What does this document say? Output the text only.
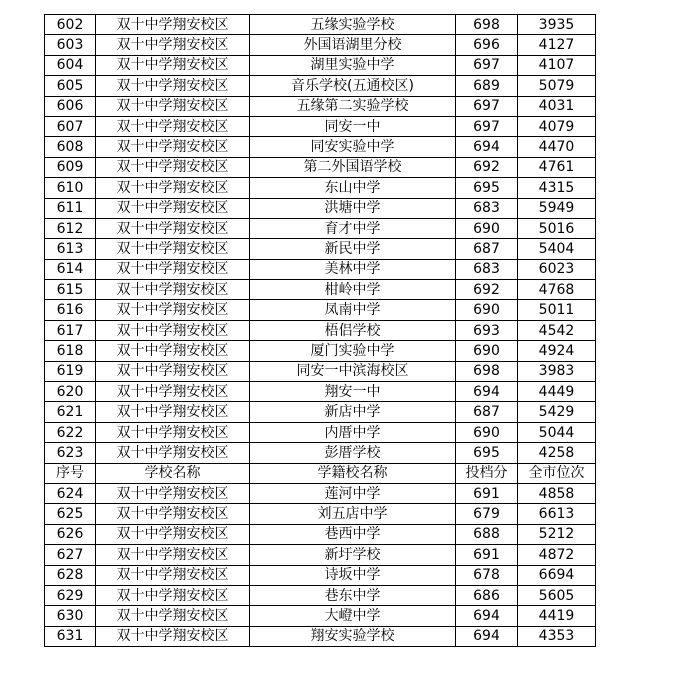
602	双十中学翔安校区	五缘实验学校	698	3935
603	双十中学翔安校区	外国语湖里分校	696	4127
604	双十中学翔安校区	湖里实验中学	697	4107
605	双十中学翔安校区	音乐学校(五通校区)	689	5079
606	双十中学翔安校区	五缘第二实验学校	697	4031
607	双十中学翔安校区	同安一中	697	4079
608	双十中学翔安校区	同安实验中学	694	4470
609	双十中学翔安校区	第二外国语学校	692	4761
610	双十中学翔安校区	东山中学	695	4315
611	双十中学翔安校区	洪塘中学	683	5949
612	双十中学翔安校区	育才中学	690	5016
613	双十中学翔安校区	新民中学	687	5404
614	双十中学翔安校区	美林中学	683	6023
615	双十中学翔安校区	柑岭中学	692	4768
616	双十中学翔安校区	凤南中学	690	5011
617	双十中学翔安校区	梧侣学校	693	4542
618	双十中学翔安校区	厦门实验中学	690	4924
619	双十中学翔安校区	同安一中滨海校区	698	3983
620	双十中学翔安校区	翔安一中	694	4449
621	双十中学翔安校区	新店中学	687	5429
622	双十中学翔安校区	内厝中学	690	5044
623	双十中学翔安校区	彭厝学校	695	4258
序号	学校名称	学籍校名称	投档分	全市位次
624	双十中学翔安校区	莲河中学	691	4858
625	双十中学翔安校区	刘五店中学	679	6613
626	双十中学翔安校区	巷西中学	688	5212
627	双十中学翔安校区	新圩学校	691	4872
628	双十中学翔安校区	诗坂中学	678	6694
629	双十中学翔安校区	巷东中学	686	5605
630	双十中学翔安校区	大嶝中学	694	4419
631	双十中学翔安校区	翔安实验学校	694	4353
